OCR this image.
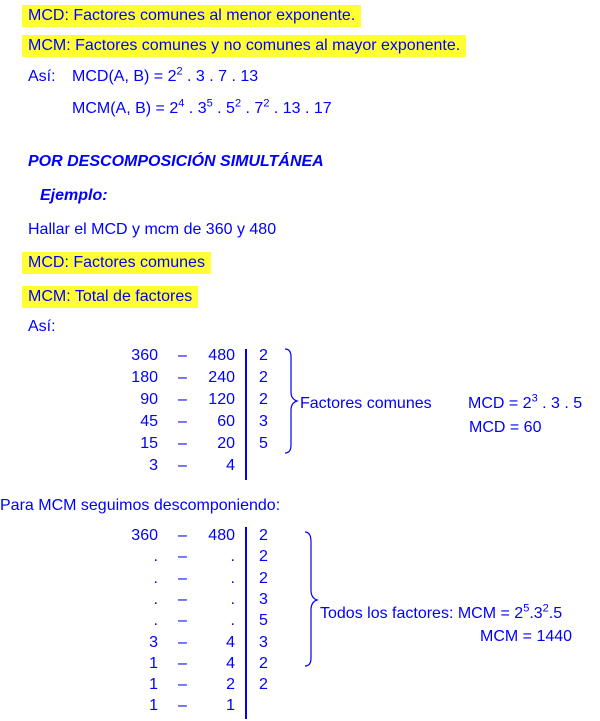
MCD: Factores comunes al menor exponente.
MCM: Factores comunes y no comunes al mayor exponente.
Así: MCD(A, $B) = 2^2$ . 3 . 7 . 13
MCM(A, $B) = 2^4$ . $3^5$ . $5^2$ . $7^2$ . 13 . 17
POR DESCOMPOSICIÓN SIMULTÁNEA
Ejemplo:
Hallar el MCD y mcm de 360 y 480
MCD: Factores comunes
MCM: Total de factores
Así:
360 – 480 2
180 – 240 2
90 – 120 2
45 – 60 3
15 – 20 5
3 – 4
Factores comunes MCD = $2^3$ . 3 . 5
MCD = 60
Para MCM seguimos descomponiendo:
360 – 480 2
. –	. 2
. –	. 2
. –	. 3
. –	. 5
3 – 4 3
1 – 4 2
1 – 2 2
1 – 1
Todos los factores: MCM = $2^5.3^2.5$
MCM = 1440
